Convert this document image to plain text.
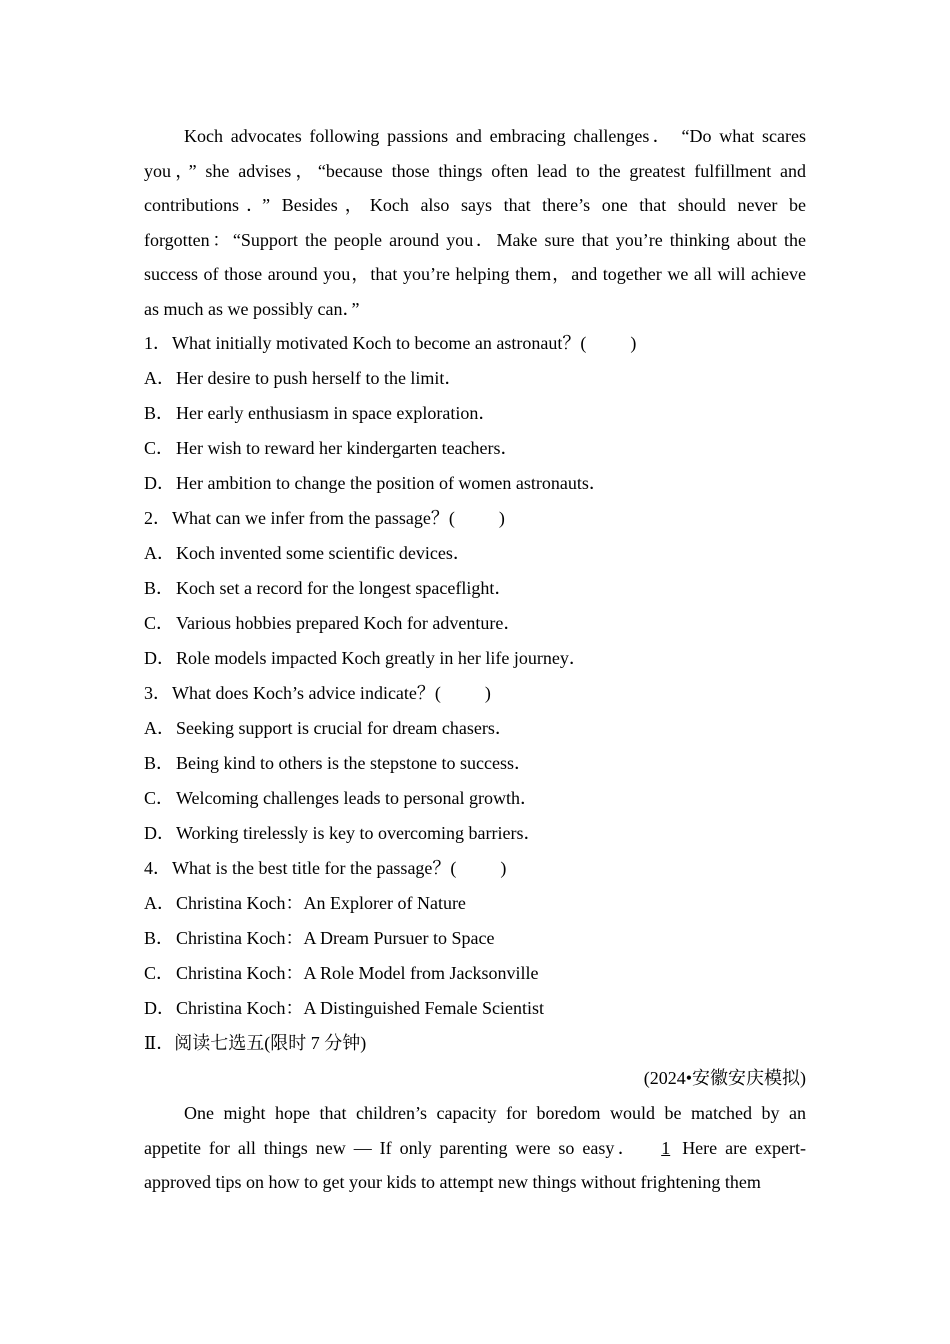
Koch advocates following passions and embracing challenges． “Do what scares you，” she advises，“because those things often lead to the greatest fulfillment and contributions．” Besides，Koch also says that there’s one that should never be forgotten：“Support the people around you．Make sure that you’re thinking about the success of those around you，that you’re helping them，and together we all will achieve as much as we possibly can．”

1．What initially motivated Koch to become an astronaut？( )

A．Her desire to push herself to the limit．

B． Her early enthusiasm in space exploration．

C． Her wish to reward her kindergarten teachers．

D．Her ambition to change the position of women astronauts．

2．What can we infer from the passage？( )

A．Koch invented some scientific devices．

B． Koch set a record for the longest spaceflight．

C． Various hobbies prepared Koch for adventure．

D．Role models impacted Koch greatly in her life journey．

3．What does Koch’s advice indicate？( )

A．Seeking support is crucial for dream chasers．

B． Being kind to others is the stepstone to success．

C． Welcoming challenges leads to personal growth．

D．Working tirelessly is key to overcoming barriers．

4．What is the best title for the passage？( )

A．Christina Koch：An Explorer of Nature

B． Christina Koch：A Dream Pursuer to Space

C． Christina Koch：A Role Model from Jacksonville

D．Christina Koch：A Distinguished Female Scientist

Ⅱ．阅读七选五(限时 7 分钟)

(2024•安徽安庆模拟)

One might hope that children’s capacity for boredom would be matched by an appetite for all things new — If only parenting were so easy． 1 Here are expert-approved tips on how to get your kids to attempt new things without frightening them
